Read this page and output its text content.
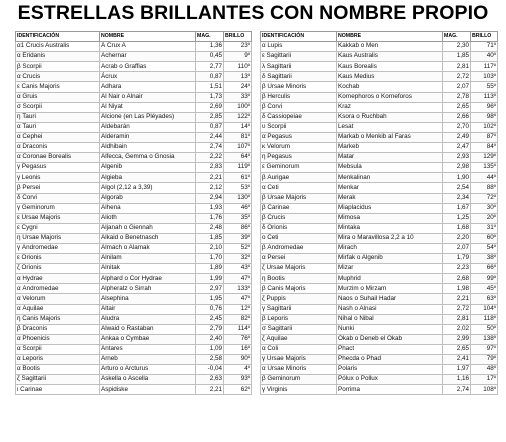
ESTRELLAS BRILLANTES CON NOMBRE PROPIO
IDENTIFICACIÓN	NOMBRE	MAG.	BRILLO
α1 Crucis Australis	Á Crux A	1,36	23º
α Eridanis	Achernar	0,45	9º
β Scorpii	Acrab o Graffias	2,77	110º
α Crucis	Ácrux	0,87	13º
ε Canis Majoris	Adhara	1,51	24º
α Gruis	Al Nair o Alnair	1,73	33º
σ Scorpii	Al Niyat	2,69	100º
η Tauri	Alcione (en Las Pléyades)	2,85	122º
α Tauri	Aldebarán	0,87	14º
α Cephei	Alderamin	2,44	81º
α Draconis	Aldhibain	2,74	107º
α Coronae Borealis	Alfecca, Gemma o Gnosia	2,22	64º
γ Pegasus	Algenib	2,83	119º
γ Leonis	Algieba	2,21	61º
β Persei	Algol (2,12 a 3,39)	2,12	53º
δ Corvi	Algorab	2,94	130º
γ Geminorum	Alhena	1,93	46º
ε Ursae Majoris	Alioth	1,76	35º
ε Cygni	Aljanah o Giennah	2,48	86º
η Ursae Majoris	Alkaid o Benetnasch	1,85	39º
γ Andromedae	Almach o Alamak	2,10	52º
ε Orionis	Alnilam	1,70	32º
ζ Orionis	Alnitak	1,89	43º
α Hydrae	Alphard o Cor Hydrae	1,99	47º
α Andromedae	Alpheratz o Sirrah	2,97	133º
α Velorum	Alsephina	1,95	47º
α Aquilae	Altair	0,76	12º
η Canis Majoris	Aludra	2,45	82º
β Draconis	Alwaid o Rastaban	2,79	114º
α Phoenicis	Ankaa o Cymbae	2,40	76º
α Scorpii	Antares	1,09	16º
α Leporis	Arneb	2,58	90º
α Bootis	Arturo o Arcturus	-0,04	4º
ζ Sagittarii	Askella o Ascella	2,63	93º
ι Carinae	Aspidiske	2,21	62º
IDENTIFICACIÓN	NOMBRE	MAG.	BRILLO
α Lupis	Kakkab o Men	2,30	71º
ε Sagittarii	Kaus Australis	1,85	40º
λ Sagittarii	Kaus Borealis	2,81	117º
δ Sagittarii	Kaus Medius	2,72	103º
β Ursae Minoris	Kochab	2,07	55º
β Herculis	Kornephoros o Korneforos	2,78	113º
β Corvi	Kraz	2,65	96º
δ Cassiopeiae	Ksora o Ruchbah	2,66	98º
υ Scorpii	Lesat	2,70	102º
α Pegasus	Markab o Menkib al Faras	2,49	87º
κ Velorum	Markeb	2,47	84º
η Pegasus	Matar	2,93	129º
ε Geminorum	Mebsula	2,98	135º
β Aurigae	Menkalinan	1,90	44º
α Ceti	Menkar	2,54	88º
β Ursae Majoris	Merak	2,34	72º
β Carinae	Miaplacidus	1,67	30º
β Crucis	Mimosa	1,25	20º
δ Orionis	Mintaka	1,68	31º
ο Ceti	Mira o Maravillosa 2,2 a 10	2,20	60º
β Andromedae	Mirach	2,07	54º
α Persei	Mirfak o Algenib	1,79	38º
ζ Ursae Majoris	Mizar	2,23	66º
η Bootis	Muphrid	2,68	99º
β Canis Majoris	Murzim o Mirzam	1,98	45º
ζ Puppis	Naos o Suhail Hadar	2,21	63º
γ Sagittarii	Nash o Alnasi	2,72	104º
β Leporis	Nihal o Nibal	2,81	118º
σ Sagittarii	Nunki	2,02	50º
ζ Aquilae	Okab o Deneb el Okab	2,99	138º
α Coli	Phact	2,65	97º
γ Ursae Majoris	Phecda o Phad	2,41	79º
α Ursae Minoris	Polaris	1,97	48º
β Geminorum	Pólux o Pollux	1,16	17º
γ Virginis	Porrima	2,74	108º
